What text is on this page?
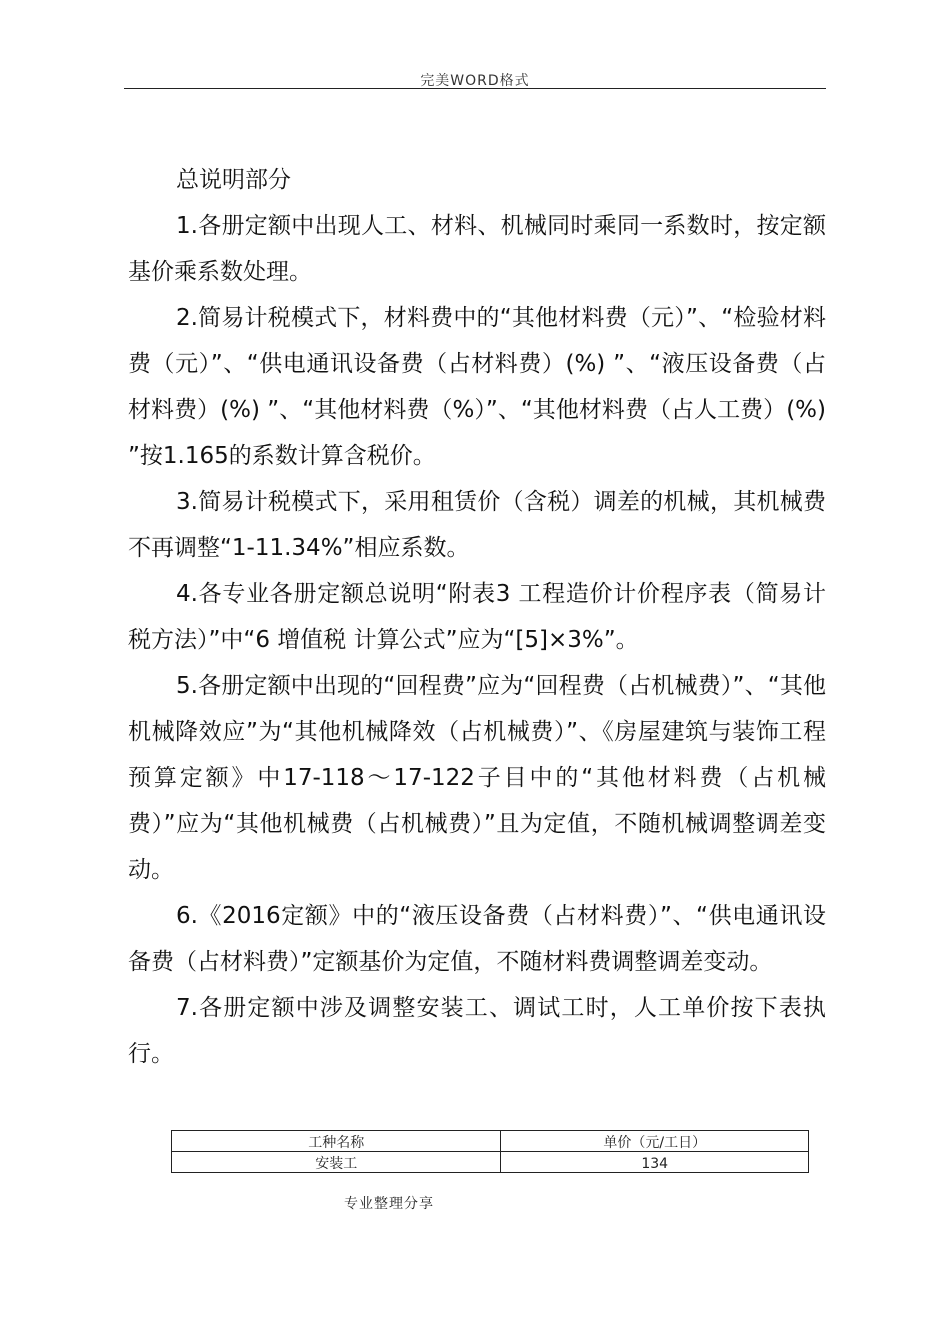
完美WORD格式
总说明部分

1.各册定额中出现人工、材料、机械同时乘同一系数时，按定额基价乘系数处理。

2.简易计税模式下，材料费中的“其他材料费（元）”、“检验材料费（元）”、“供电通讯设备费（占材料费）(%) ”、“液压设备费（占材料费）(%) ”、“其他材料费（%）”、“其他材料费（占人工费）(%) ”按1.165的系数计算含税价。

3.简易计税模式下，采用租赁价（含税）调差的机械，其机械费不再调整“1-11.34%”相应系数。

4.各专业各册定额总说明“附表3 工程造价计价程序表（简易计税方法）”中“6 增值税 计算公式”应为“[5]×3%”。

5.各册定额中出现的“回程费”应为“回程费（占机械费）”、“其他机械降效应”为“其他机械降效（占机械费）”、《房屋建筑与装饰工程预算定额》中17-118～17-122子目中的“其他材料费（占机械费）”应为“其他机械费（占机械费）”且为定值，不随机械调整调差变动。

6.《2016定额》中的“液压设备费（占材料费）”、“供电通讯设备费（占材料费）”定额基价为定值，不随材料费调整调差变动。

7.各册定额中涉及调整安装工、调试工时，人工单价按下表执行。

工种名称	单价（元/工日）
安装工	134
专业整理分享
